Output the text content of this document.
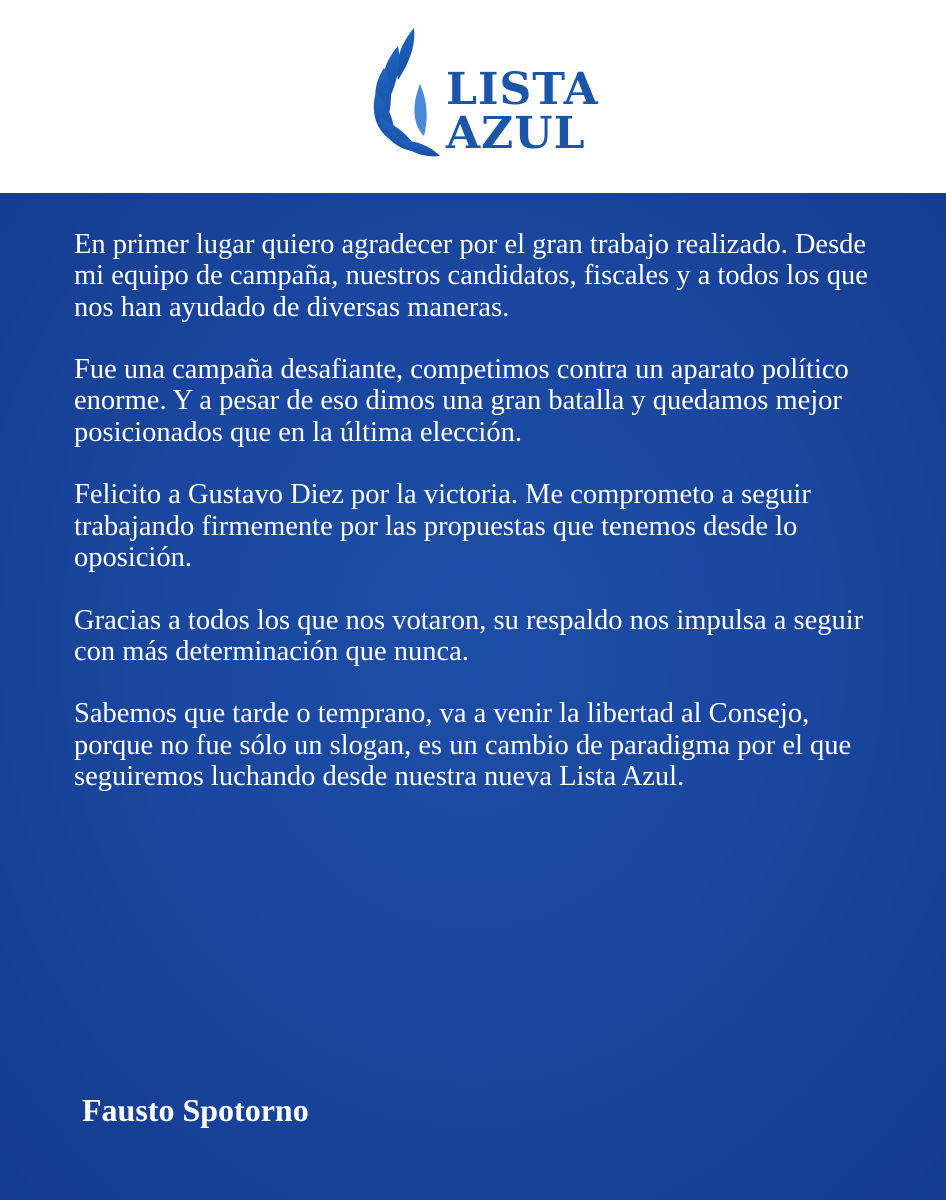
LISTA
AZUL

En primer lugar quiero agradecer por el gran trabajo realizado. Desde mi equipo de campaña, nuestros candidatos, fiscales y a todos los que nos han ayudado de diversas maneras.

Fue una campaña desafiante, competimos contra un aparato político enorme. Y a pesar de eso dimos una gran batalla y quedamos mejor posicionados que en la última elección.

Felicito a Gustavo Diez por la victoria. Me comprometo a seguir trabajando firmemente por las propuestas que tenemos desde lo oposición.

Gracias a todos los que nos votaron, su respaldo nos impulsa a seguir con más determinación que nunca.

Sabemos que tarde o temprano, va a venir la libertad al Consejo, porque no fue sólo un slogan, es un cambio de paradigma por el que seguiremos luchando desde nuestra nueva Lista Azul.

Fausto Spotorno
